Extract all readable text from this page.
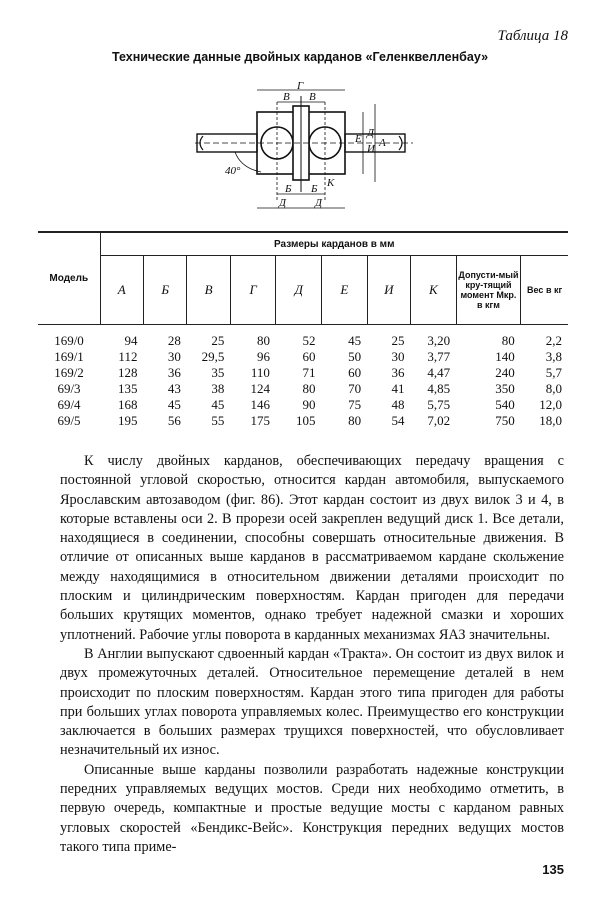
Таблица 18
Технические данные двойных карданов «Геленквелленбау»
Г
В В
Е Д
И А
Б Б К
Д	Д
40°
Модель	Размеры карданов в мм									
	А	Б	В	Г	Д	Е	И	К	Допусти-мый кру-тящий момент Мкр. в кгм	Вес в кг
169/0	94	28	25	80	52	45	25	3,20	80	2,2
169/1	112	30	29,5	96	60	50	30	3,77	140	3,8
169/2	128	36	35	110	71	60	36	4,47	240	5,7
69/3	135	43	38	124	80	70	41	4,85	350	8,0
69/4	168	45	45	146	90	75	48	5,75	540	12,0
69/5	195	56	55	175	105	80	54	7,02	750	18,0

К числу двойных карданов, обеспечивающих передачу вращения с постоянной угловой скоростью, относится кардан автомобиля, выпускаемого Ярославским автозаводом (фиг. 86). Этот кардан состоит из двух вилок 3 и 4, в которые вставлены оси 2. В прорези осей закреплен ведущий диск 1. Все детали, находящиеся в соединении, способны совершать относительные движения. В отличие от описанных выше карданов в рассматриваемом кардане скольжение между находящимися в относительном движении деталями происходит по плоским и цилиндрическим поверхностям. Кардан пригоден для передачи больших крутящих моментов, однако требует надежной смазки и хороших уплотнений. Рабочие углы поворота в карданных механизмах ЯАЗ значительны.

В Англии выпускают сдвоенный кардан «Тракта». Он состоит из двух вилок и двух промежуточных деталей. Относительное перемещение деталей в нем происходит по плоским поверхностям. Кардан этого типа пригоден для работы при больших углах поворота управляемых колес. Преимущество его конструкции заключается в больших размерах трущихся поверхностей, что обусловливает незначительный их износ.

Описанные выше карданы позволили разработать надежные конструкции передних управляемых ведущих мостов. Среди них необходимо отметить, в первую очередь, компактные и простые ведущие мосты с карданом равных угловых скоростей «Бендикс-Вейс». Конструкция передних ведущих мостов такого типа приме-

135
